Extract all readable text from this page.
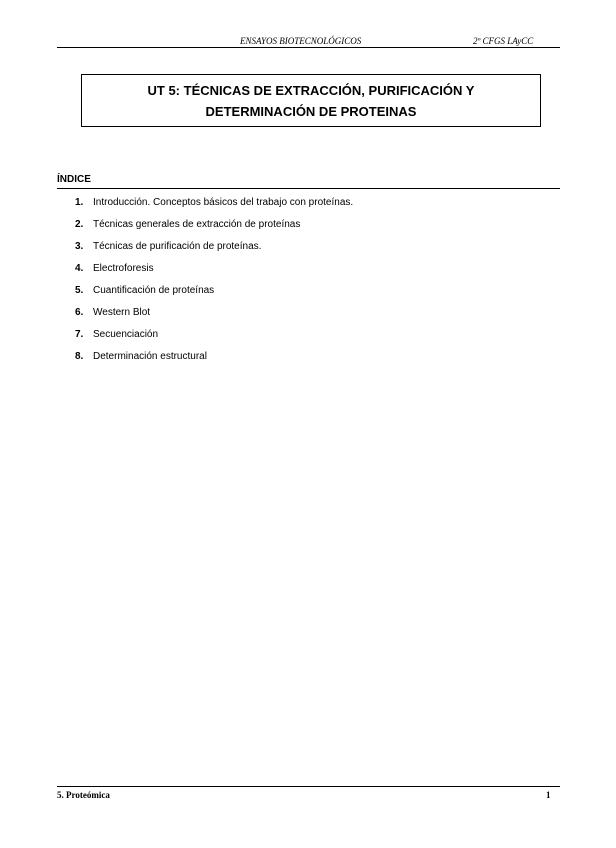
ENSAYOS BIOTECNOLÓGICOS	2º CFGS LAyCC
UT 5: TÉCNICAS DE EXTRACCIÓN, PURIFICACIÓN Y
DETERMINACIÓN DE PROTEINAS
ÍNDICE
1. Introducción. Conceptos básicos del trabajo con proteínas.
2. Técnicas generales de extracción de proteínas
3. Técnicas de purificación de proteínas.
4. Electroforesis
5. Cuantificación de proteínas
6. Western Blot
7. Secuenciación
8. Determinación estructural
5. Proteómica	1
